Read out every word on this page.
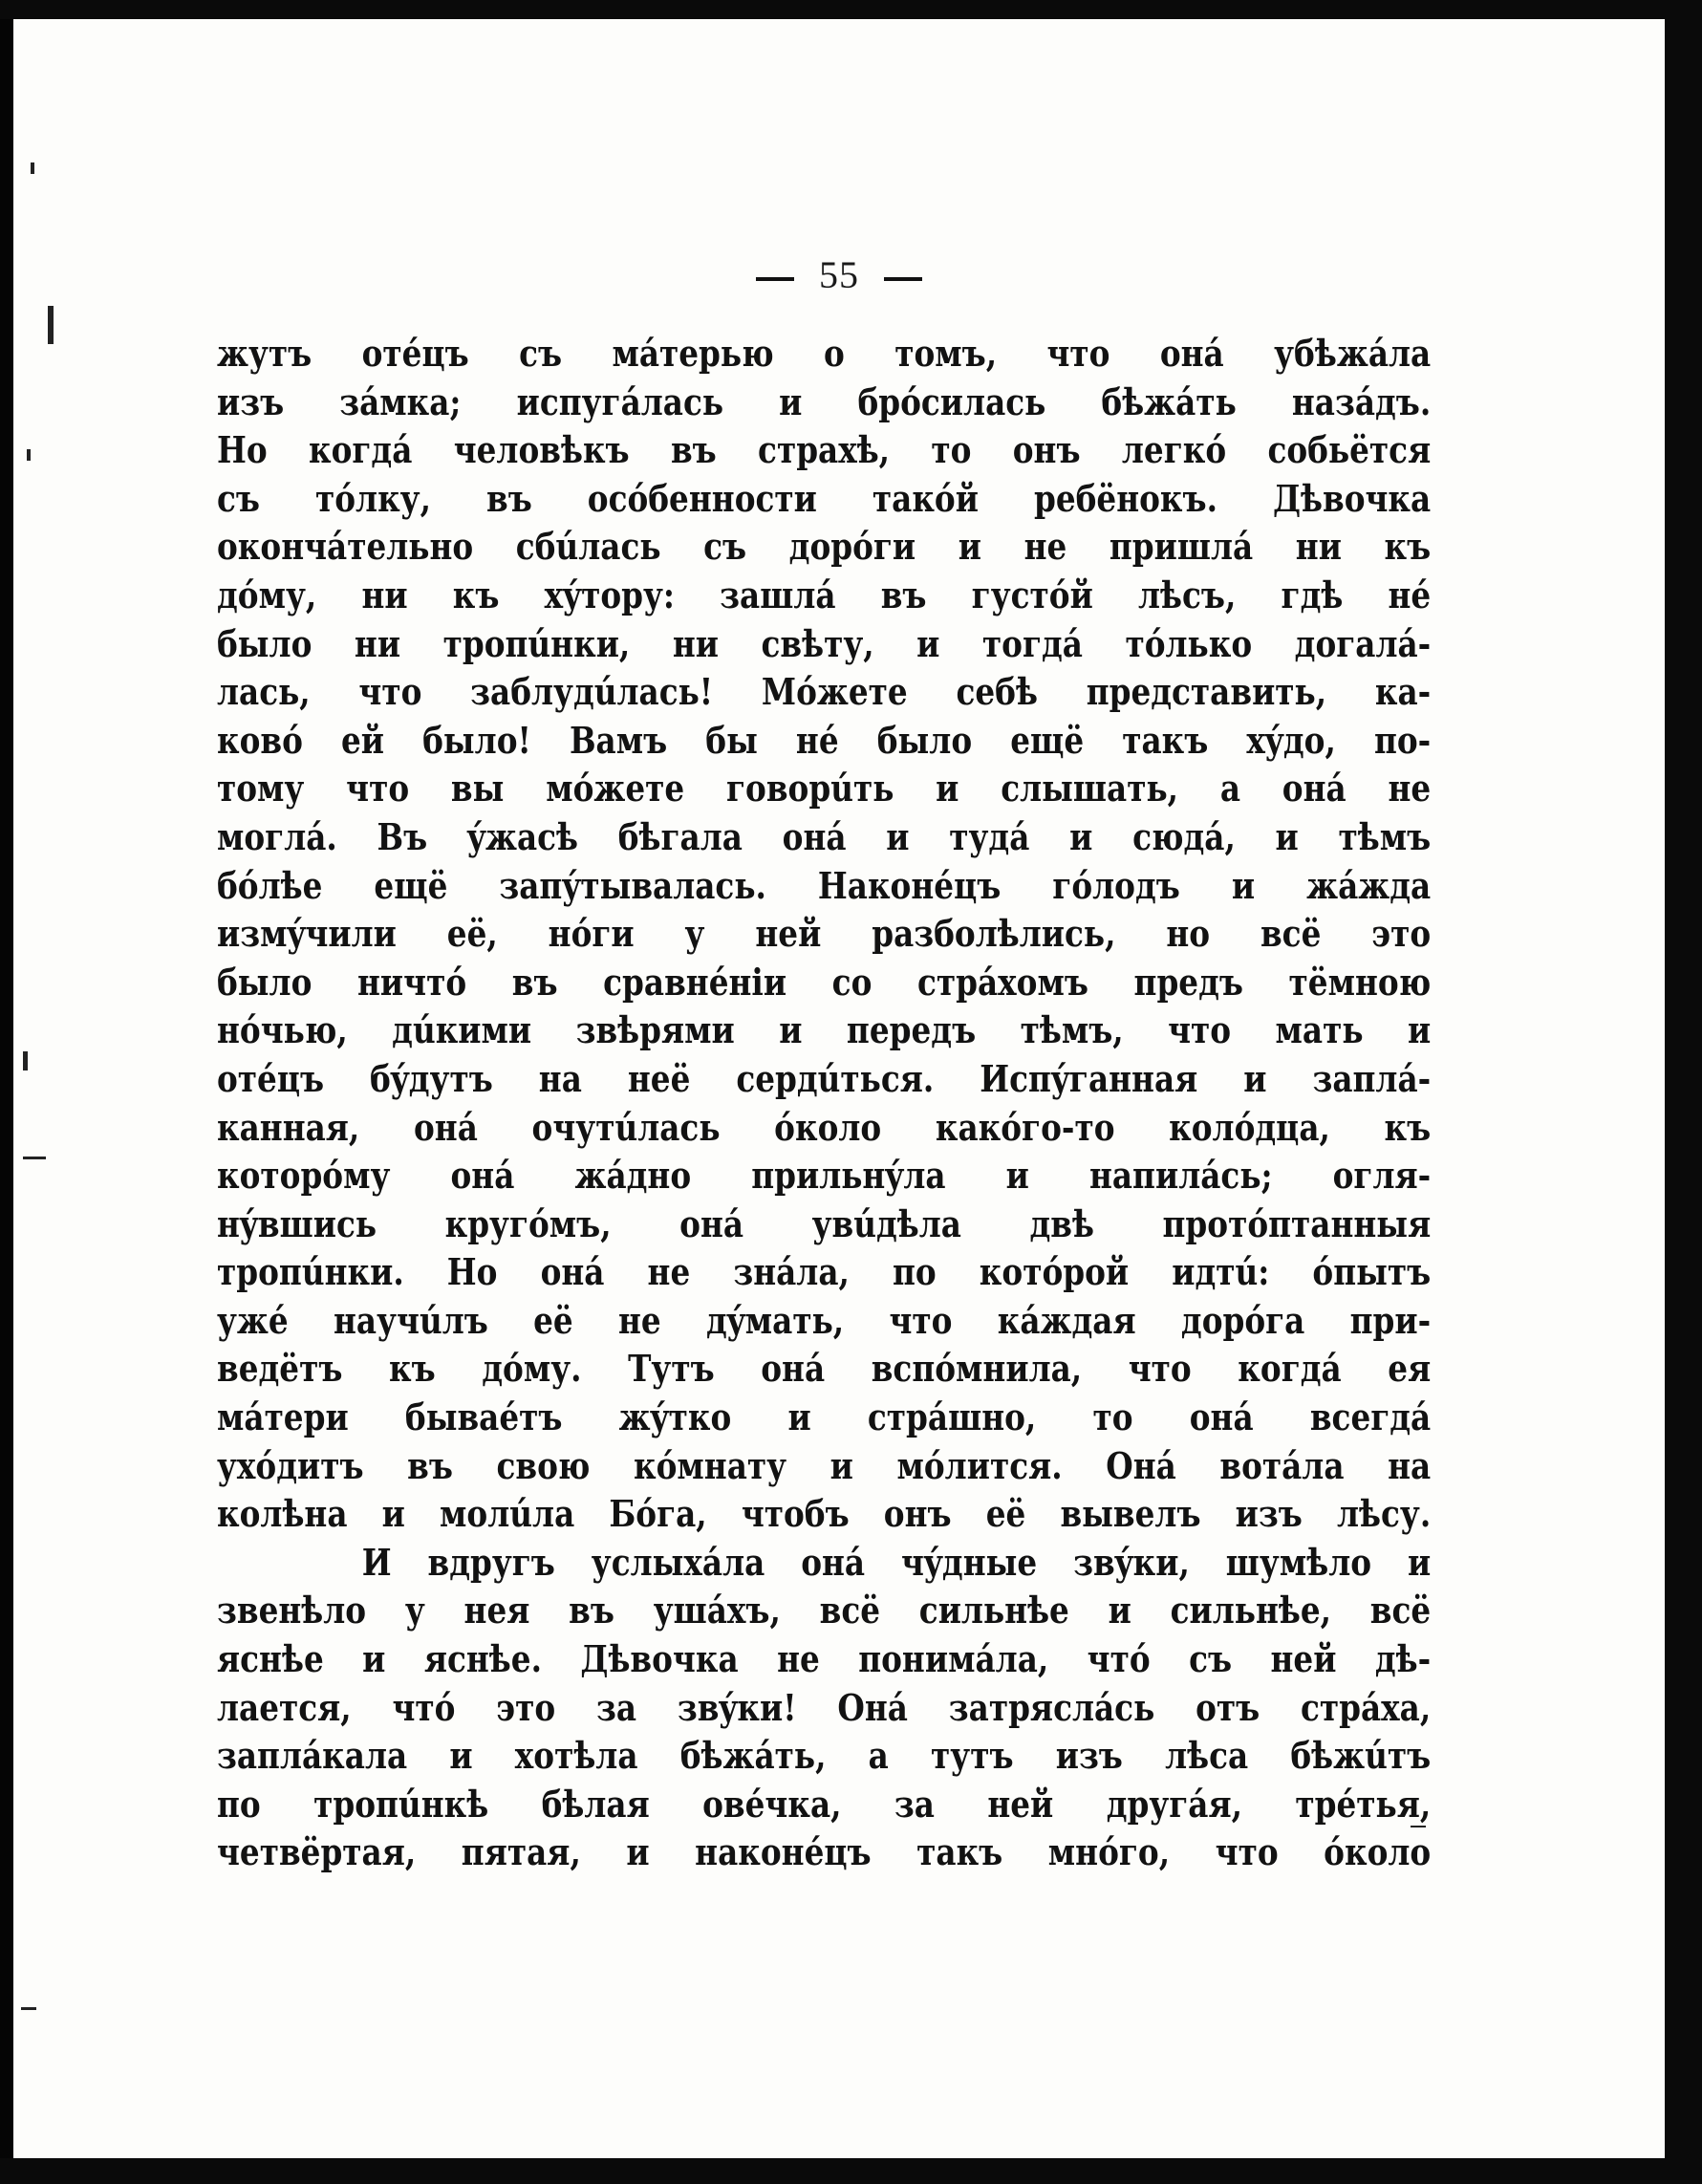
55
жутъ отéцъ съ мáтерью о томъ, что онá убѣжáла
изъ зáмка; испугáлась и брóсилась бѣжáть назáдъ.
Но когдá человѣкъ въ страхѣ, то онъ легкó собьётся
съ тóлку, въ осóбенности такóй ребёнокъ. Дѣвочка
окончáтельно сбúлась съ дорóги и не пришлá ни къ
дóму, ни къ хýтору: зашлá въ густóй лѣсъ, гдѣ нé
было ни тропúнки, ни свѣту, и тогдá тóлько догалá-
лась, что заблудúлась! Мóжете себѣ представить, ка-
ковó ей было! Вамъ бы нé было ещё такъ хýдо, по-
тому что вы мóжете говорúть и слышать, а онá не
моглá. Въ ýжасѣ бѣгала онá и тудá и сюдá, и тѣмъ
бóлѣе ещё запýтывалась. Наконéцъ гóлодъ и жáжда
измýчили её, нóги у ней разболѣлись, но всё это
было ничтó въ сравнéніи со стрáхомъ предъ тёмною
нóчью, дúкими звѣрями и передъ тѣмъ, что мать и
отéцъ бýдутъ на неё сердúться. Испýганная и заплá-
канная, онá очутúлась óколо какóго-то колóдца, къ
которóму онá жáдно прильнýла и напилáсь; огля-
нýвшись кругóмъ, онá увúдѣла двѣ протóптанныя
тропúнки. Но онá не знáла, по котóрой идтú: óпытъ
ужé научúлъ её не дýмать, что кáждая дорóга при-
ведётъ къ дóму. Тутъ онá вспóмнила, что когдá ея
мáтери бываéтъ жýтко и стрáшно, то онá всегдá
ухóдитъ въ свою кóмнату и мóлится. Онá вотáла на
колѣна и молúла Бóга, чтобъ онъ её вывелъ изъ лѣсу.
И вдругъ услыхáла онá чýдные звýки, шумѣло и
звенѣло у нея въ ушáхъ, всё сильнѣе и сильнѣе, всё
яснѣе и яснѣе. Дѣвочка не понимáла, чтó съ ней дѣ-
лается, чтó это за звýки! Онá затряслáсь отъ стрáха,
заплáкала и хотѣла бѣжáть, а тутъ изъ лѣса бѣжúтъ
по тропúнкѣ бѣлая овéчка, за ней другáя, трéтья,
четвёртая, пятая, и наконéцъ такъ мнóго, что óколо
